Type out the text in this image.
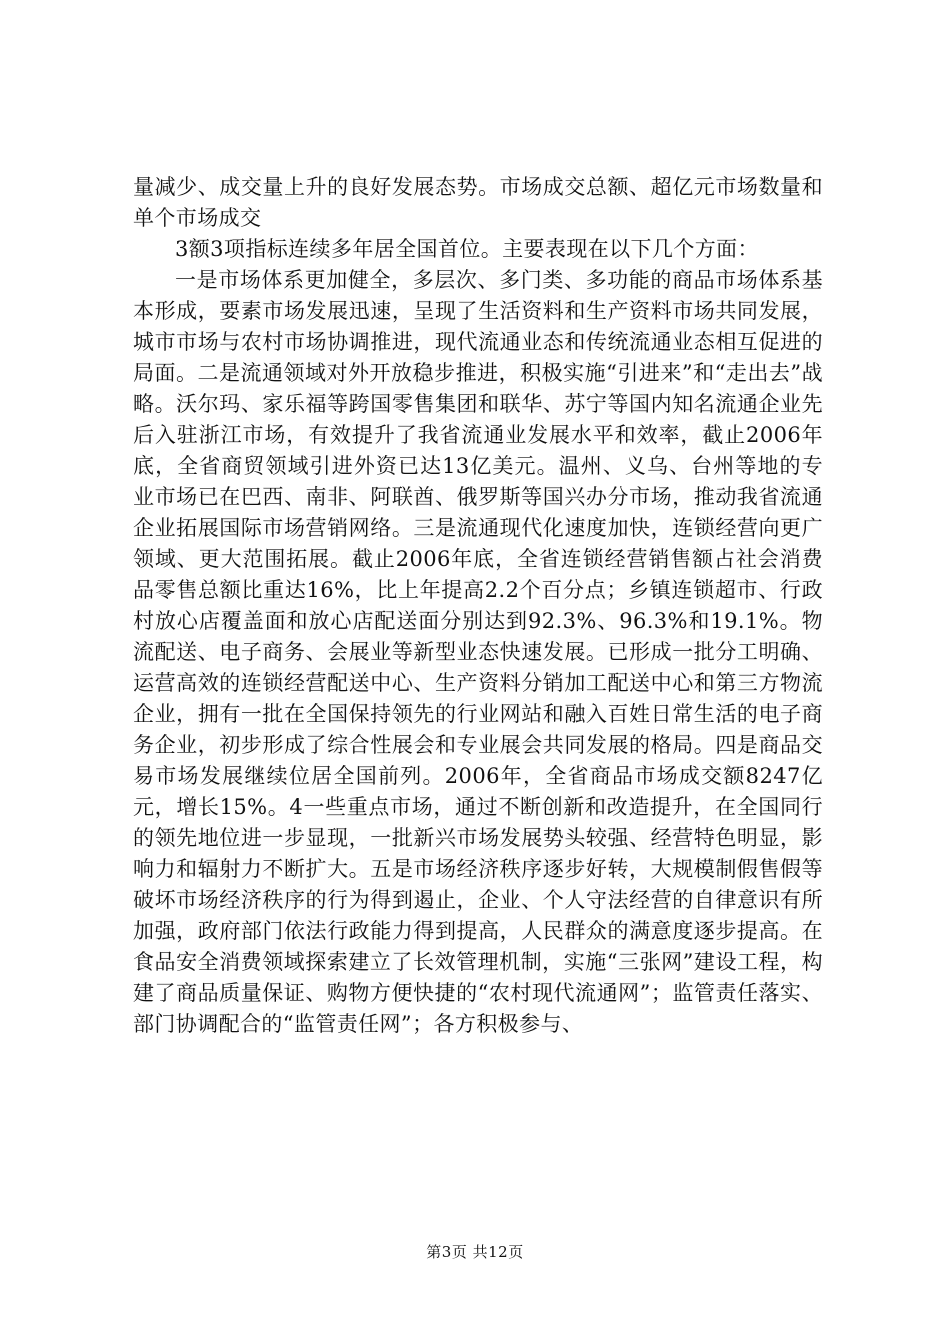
量减少、成交量上升的良好发展态势。市场成交总额、超亿元市场数量和单个市场成交

3额3项指标连续多年居全国首位。主要表现在以下几个方面：

一是市场体系更加健全，多层次、多门类、多功能的商品市场体系基本形成，要素市场发展迅速，呈现了生活资料和生产资料市场共同发展，城市市场与农村市场协调推进，现代流通业态和传统流通业态相互促进的局面。二是流通领域对外开放稳步推进，积极实施“引进来”和“走出去”战略。沃尔玛、家乐福等跨国零售集团和联华、苏宁等国内知名流通企业先后入驻浙江市场，有效提升了我省流通业发展水平和效率，截止2006年底，全省商贸领域引进外资已达13亿美元。温州、义乌、台州等地的专业市场已在巴西、南非、阿联酋、俄罗斯等国兴办分市场，推动我省流通企业拓展国际市场营销网络。三是流通现代化速度加快，连锁经营向更广领域、更大范围拓展。截止2006年底，全省连锁经营销售额占社会消费品零售总额比重达16%，比上年提高2.2个百分点；乡镇连锁超市、行政村放心店覆盖面和放心店配送面分别达到92.3%、96.3%和19.1%。物流配送、电子商务、会展业等新型业态快速发展。已形成一批分工明确、运营高效的连锁经营配送中心、生产资料分销加工配送中心和第三方物流企业，拥有一批在全国保持领先的行业网站和融入百姓日常生活的电子商务企业，初步形成了综合性展会和专业展会共同发展的格局。四是商品交易市场发展继续位居全国前列。2006年，全省商品市场成交额8247亿元，增长15%。4一些重点市场，通过不断创新和改造提升，在全国同行的领先地位进一步显现，一批新兴市场发展势头较强、经营特色明显，影响力和辐射力不断扩大。五是市场经济秩序逐步好转，大规模制假售假等破坏市场经济秩序的行为得到遏止，企业、个人守法经营的自律意识有所加强，政府部门依法行政能力得到提高，人民群众的满意度逐步提高。在食品安全消费领域探索建立了长效管理机制，实施“三张网”建设工程，构建了商品质量保证、购物方便快捷的“农村现代流通网”；监管责任落实、部门协调配合的“监管责任网”；各方积极参与、

第3页 共12页
